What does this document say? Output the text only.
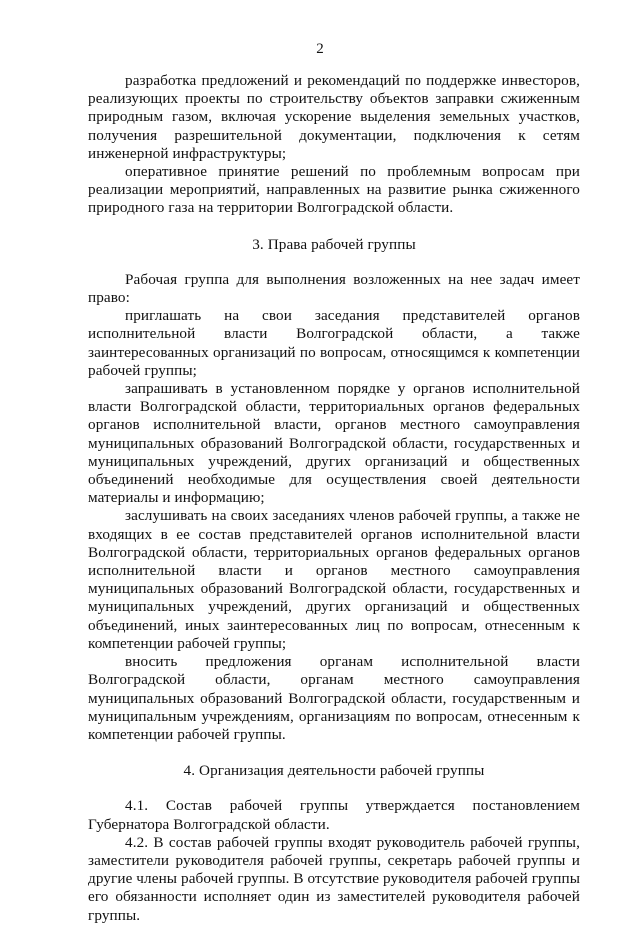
2

разработка предложений и рекомендаций по поддержке инвесторов, реализующих проекты по строительству объектов заправки сжиженным природным газом, включая ускорение выделения земельных участков, получения разрешительной документации, подключения к сетям инженерной инфраструктуры;

оперативное принятие решений по проблемным вопросам при реализации мероприятий, направленных на развитие рынка сжиженного природного газа на территории Волгоградской области.

3. Права рабочей группы

Рабочая группа для выполнения возложенных на нее задач имеет право:

приглашать на свои заседания представителей органов исполнительной власти Волгоградской области, а также заинтересованных организаций по вопросам, относящимся к компетенции рабочей группы;

запрашивать в установленном порядке у органов исполнительной власти Волгоградской области, территориальных органов федеральных органов исполнительной власти, органов местного самоуправления муниципальных образований Волгоградской области, государственных и муниципальных учреждений, других организаций и общественных объединений необходимые для осуществления своей деятельности материалы и информацию;

заслушивать на своих заседаниях членов рабочей группы, а также не входящих в ее состав представителей органов исполнительной власти Волгоградской области, территориальных органов федеральных органов исполнительной власти и органов местного самоуправления муниципальных образований Волгоградской области, государственных и муниципальных учреждений, других организаций и общественных объединений, иных заинтересованных лиц по вопросам, отнесенным к компетенции рабочей группы;

вносить предложения органам исполнительной власти Волгоградской области, органам местного самоуправления муниципальных образований Волгоградской области, государственным и муниципальным учреждениям, организациям по вопросам, отнесенным к компетенции рабочей группы.

4. Организация деятельности рабочей группы

4.1. Состав рабочей группы утверждается постановлением Губернатора Волгоградской области.

4.2. В состав рабочей группы входят руководитель рабочей группы, заместители руководителя рабочей группы, секретарь рабочей группы и другие члены рабочей группы. В отсутствие руководителя рабочей группы его обязанности исполняет один из заместителей руководителя рабочей группы.
